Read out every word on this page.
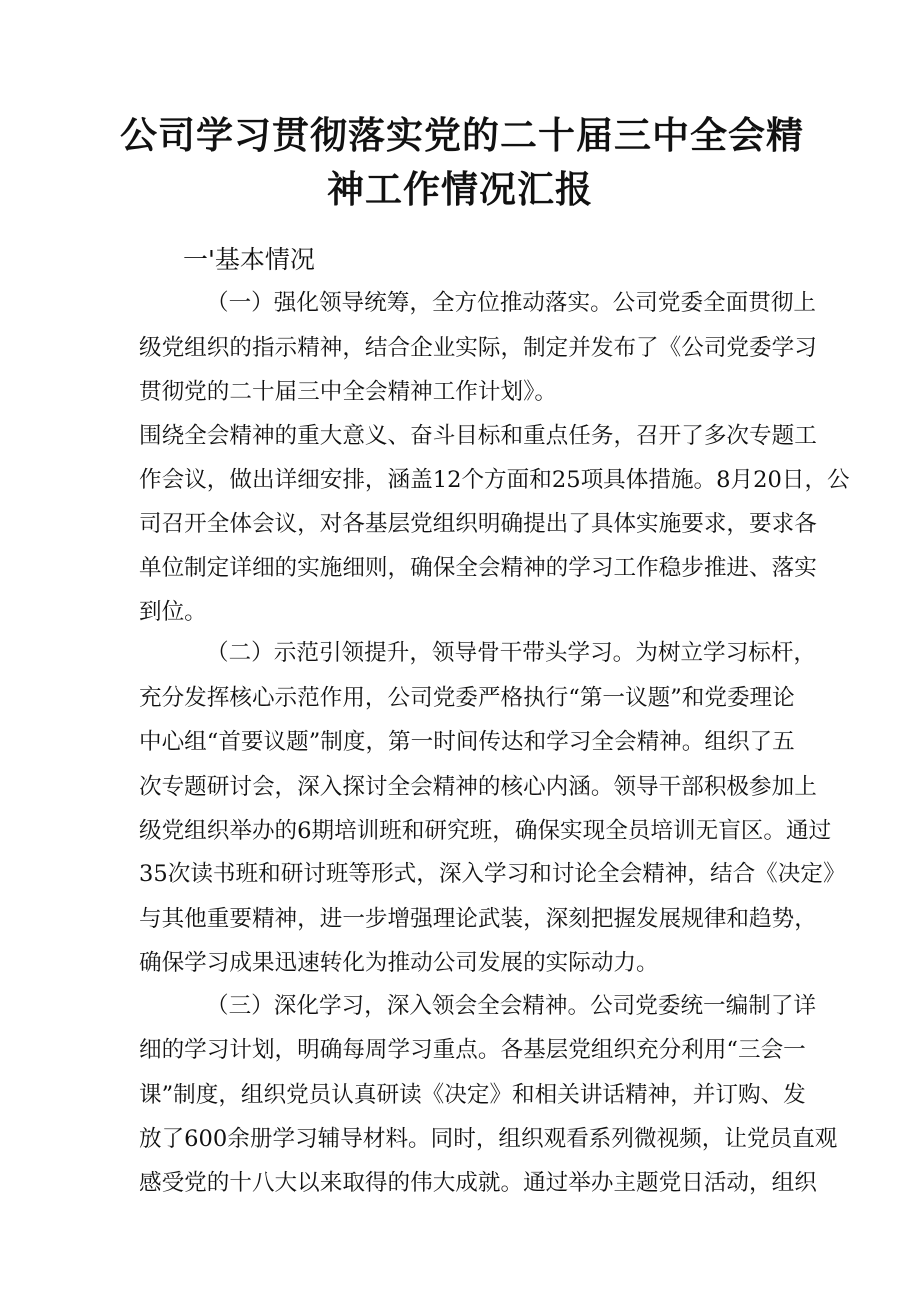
公司学习贯彻落实党的二十届三中全会精
神工作情况汇报
一'基本情况
（一）强化领导统筹，全方位推动落实。公司党委全面贯彻上
级党组织的指示精神，结合企业实际，制定并发布了《公司党委学习
贯彻党的二十届三中全会精神工作计划》。
围绕全会精神的重大意义、奋斗目标和重点任务，召开了多次专题工
作会议，做出详细安排，涵盖12个方面和25项具体措施。8月20日，公
司召开全体会议，对各基层党组织明确提出了具体实施要求，要求各
单位制定详细的实施细则，确保全会精神的学习工作稳步推进、落实
到位。
（二）示范引领提升，领导骨干带头学习。为树立学习标杆，
充分发挥核心示范作用，公司党委严格执行“第一议题”和党委理论
中心组“首要议题”制度，第一时间传达和学习全会精神。组织了五
次专题研讨会，深入探讨全会精神的核心内涵。领导干部积极参加上
级党组织举办的6期培训班和研究班，确保实现全员培训无盲区。通过
35次读书班和研讨班等形式，深入学习和讨论全会精神，结合《决定》
与其他重要精神，进一步增强理论武装，深刻把握发展规律和趋势，
确保学习成果迅速转化为推动公司发展的实际动力。
（三）深化学习，深入领会全会精神。公司党委统一编制了详
细的学习计划，明确每周学习重点。各基层党组织充分利用“三会一
课”制度，组织党员认真研读《决定》和相关讲话精神，并订购、发
放了600余册学习辅导材料。同时，组织观看系列微视频，让党员直观
感受党的十八大以来取得的伟大成就。通过举办主题党日活动，组织
